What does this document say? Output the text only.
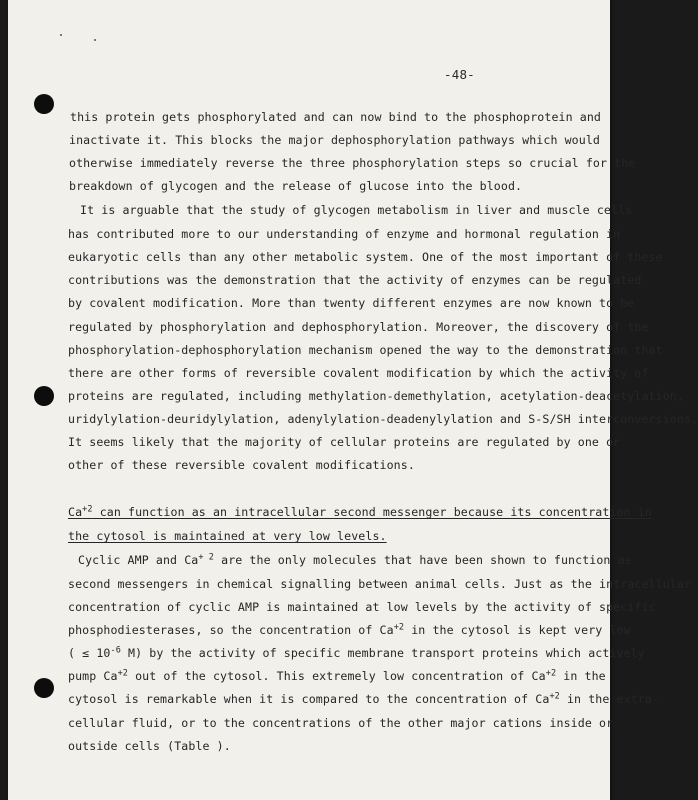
-48-
this protein gets phosphorylated and can now bind to the phosphoprotein and
inactivate it. This blocks the major dephosphorylation pathways which would
otherwise immediately reverse the three phosphorylation steps so crucial for the
breakdown of glycogen and the release of glucose into the blood.
It is arguable that the study of glycogen metabolism in liver and muscle cells
has contributed more to our understanding of enzyme and hormonal regulation in
eukaryotic cells than any other metabolic system. One of the most important of these
contributions was the demonstration that the activity of enzymes can be regulated
by covalent modification. More than twenty different enzymes are now known to be
regulated by phosphorylation and dephosphorylation. Moreover, the discovery of the
phosphorylation-dephosphorylation mechanism opened the way to the demonstration that
there are other forms of reversible covalent modification by which the activity of
proteins are regulated, including methylation-demethylation, acetylation-deacetylation,
uridylylation-deuridylylation, adenylylation-deadenylylation and S-S/SH interconversions.
It seems likely that the majority of cellular proteins are regulated by one or
other of these reversible covalent modifications.
$Ca^{+2}$ can function as an intracellular second messenger because its concentration in
the cytosol is maintained at very low levels.
Cyclic AMP and $Ca^{+ 2}$ are the only molecules that have been shown to function as
second messengers in chemical signalling between animal cells. Just as the intracellular
concentration of cyclic AMP is maintained at low levels by the activity of specific
phosphodiesterases, so the concentration of $Ca^{+2}$ in the cytosol is kept very low
( ≤ $10^{-6}$ M) by the activity of specific membrane transport proteins which actively
pump $Ca^{+2}$ out of the cytosol. This extremely low concentration of $Ca^{+2}$ in the
cytosol is remarkable when it is compared to the concentration of $Ca^{+2}$ in the extra-
cellular fluid, or to the concentrations of the other major cations inside or
outside cells (Table ).
